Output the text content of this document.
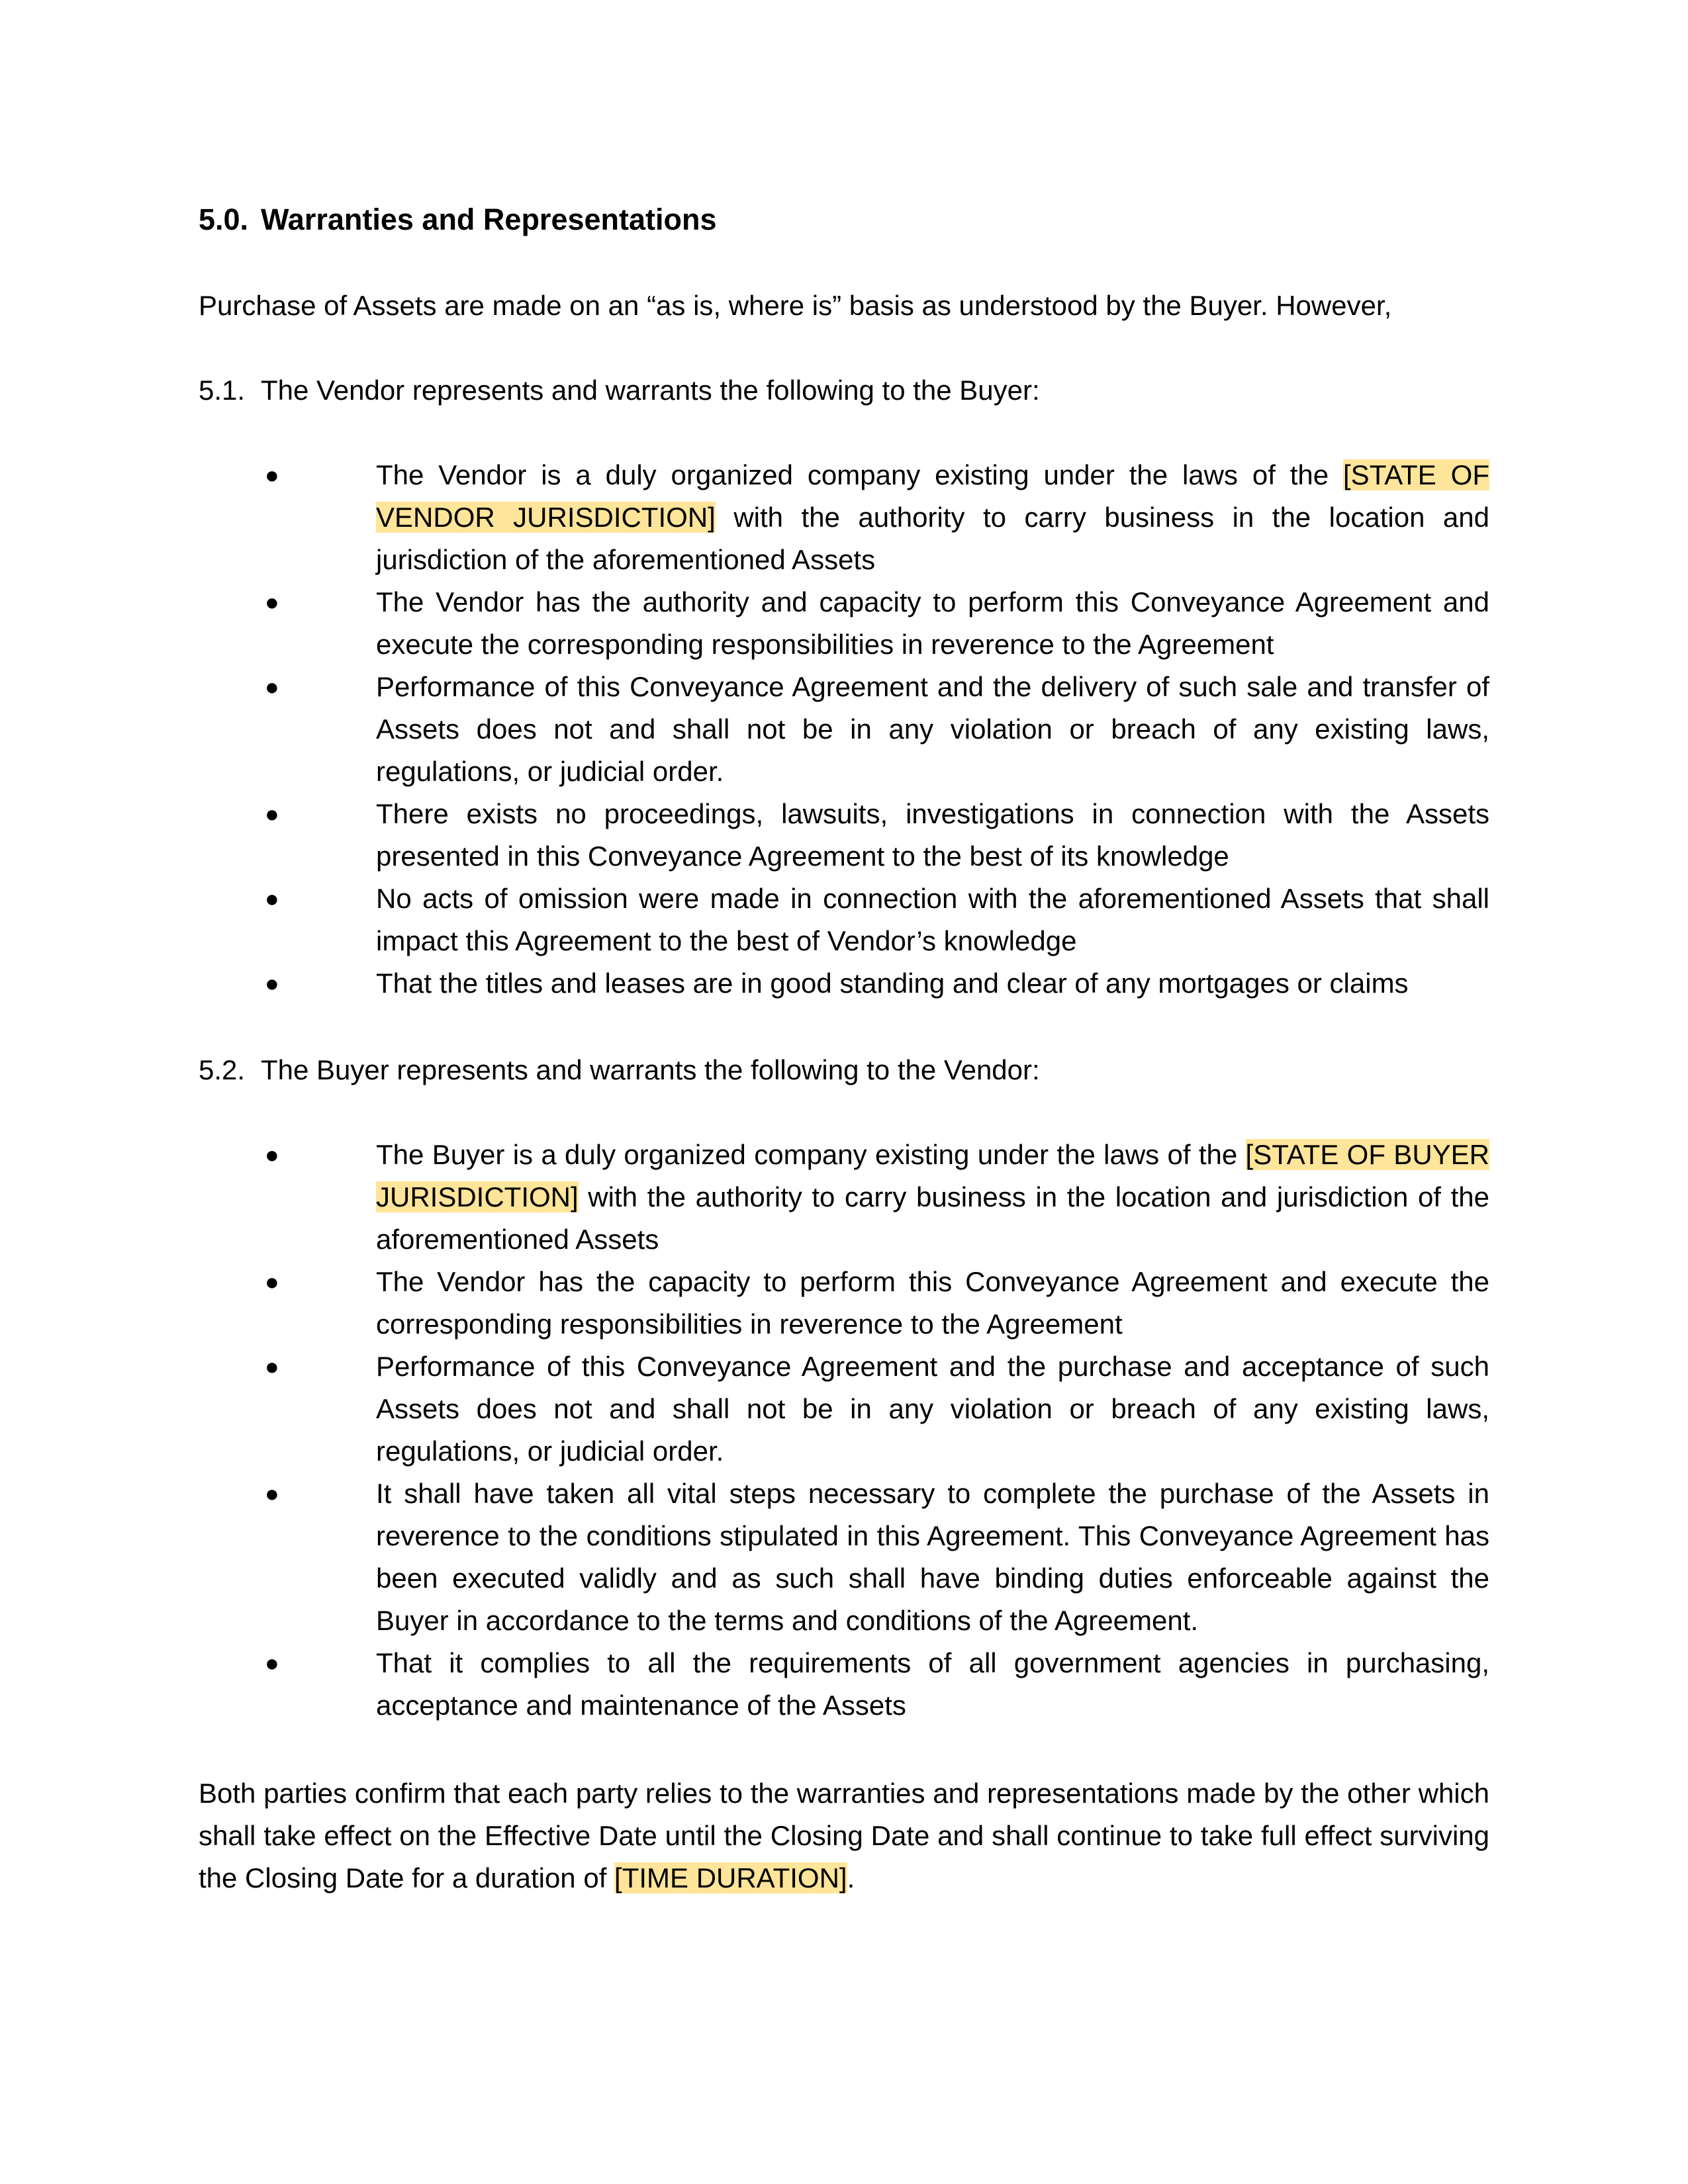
5.0. Warranties and Representations
Purchase of Assets are made on an “as is, where is” basis as understood by the Buyer. However,
5.1. The Vendor represents and warrants the following to the Buyer:
●	The Vendor is a duly organized company existing under the laws of the [STATE OF VENDOR JURISDICTION] with the authority to carry business in the location and jurisdiction of the aforementioned Assets
●	The Vendor has the authority and capacity to perform this Conveyance Agreement and execute the corresponding responsibilities in reverence to the Agreement
●	Performance of this Conveyance Agreement and the delivery of such sale and transfer of Assets does not and shall not be in any violation or breach of any existing laws, regulations, or judicial order.
●	There exists no proceedings, lawsuits, investigations in connection with the Assets presented in this Conveyance Agreement to the best of its knowledge
●	No acts of omission were made in connection with the aforementioned Assets that shall impact this Agreement to the best of Vendor’s knowledge
●	That the titles and leases are in good standing and clear of any mortgages or claims
5.2. The Buyer represents and warrants the following to the Vendor:
●	The Buyer is a duly organized company existing under the laws of the [STATE OF BUYER JURISDICTION] with the authority to carry business in the location and jurisdiction of the aforementioned Assets
●	The Vendor has the capacity to perform this Conveyance Agreement and execute the corresponding responsibilities in reverence to the Agreement
●	Performance of this Conveyance Agreement and the purchase and acceptance of such Assets does not and shall not be in any violation or breach of any existing laws, regulations, or judicial order.
●	It shall have taken all vital steps necessary to complete the purchase of the Assets in reverence to the conditions stipulated in this Agreement. This Conveyance Agreement has been executed validly and as such shall have binding duties enforceable against the Buyer in accordance to the terms and conditions of the Agreement.
●	That it complies to all the requirements of all government agencies in purchasing, acceptance and maintenance of the Assets
Both parties confirm that each party relies to the warranties and representations made by the other which shall take effect on the Effective Date until the Closing Date and shall continue to take full effect surviving the Closing Date for a duration of [TIME DURATION].
